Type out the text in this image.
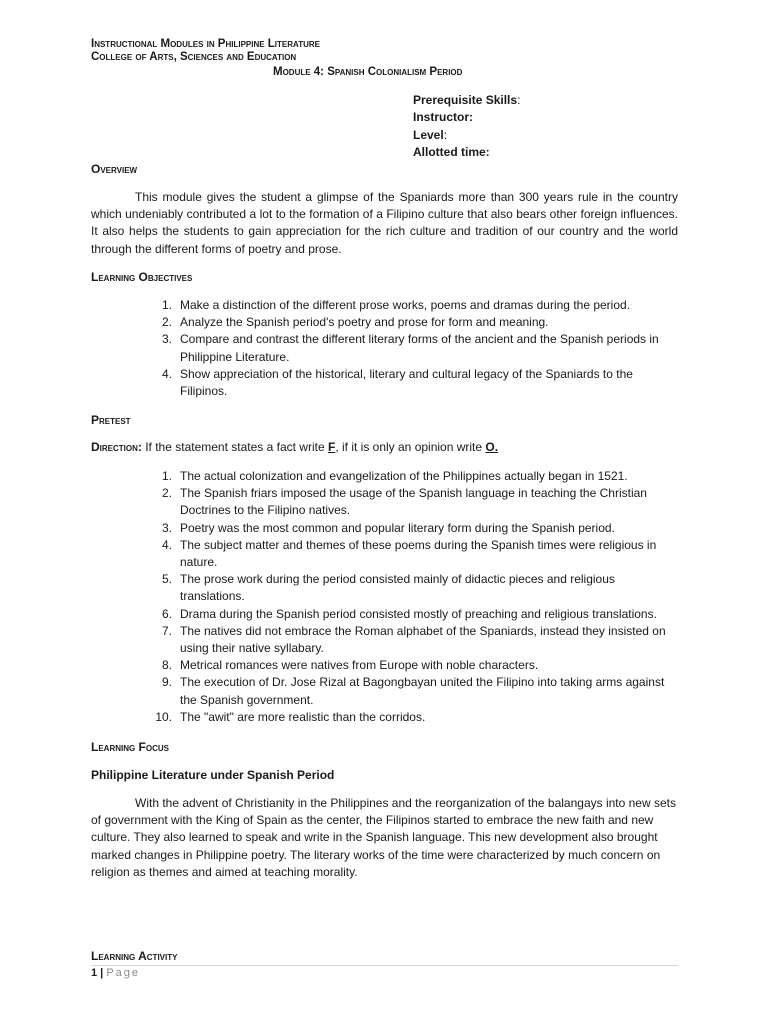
Instructional Modules in Philippine Literature
College of Arts, Sciences and Education
Module 4: Spanish Colonialism Period
Prerequisite Skills:
Instructor:
Level:
Allotted time:
Overview

This module gives the student a glimpse of the Spaniards more than 300 years rule in the country which undeniably contributed a lot to the formation of a Filipino culture that also bears other foreign influences. It also helps the students to gain appreciation for the rich culture and tradition of our country and the world through the different forms of poetry and prose.

Learning Objectives
1. Make a distinction of the different prose works, poems and dramas during the period.
2. Analyze the Spanish period's poetry and prose for form and meaning.
3. Compare and contrast the different literary forms of the ancient and the Spanish periods in Philippine Literature.
4. Show appreciation of the historical, literary and cultural legacy of the Spaniards to the Filipinos.
Pretest
Direction: If the statement states a fact write F, if it is only an opinion write O.
1. The actual colonization and evangelization of the Philippines actually began in 1521.
2. The Spanish friars imposed the usage of the Spanish language in teaching the Christian Doctrines to the Filipino natives.
3. Poetry was the most common and popular literary form during the Spanish period.
4. The subject matter and themes of these poems during the Spanish times were religious in nature.
5. The prose work during the period consisted mainly of didactic pieces and religious translations.
6. Drama during the Spanish period consisted mostly of preaching and religious translations.
7. The natives did not embrace the Roman alphabet of the Spaniards, instead they insisted on using their native syllabary.
8. Metrical romances were natives from Europe with noble characters.
9. The execution of Dr. Jose Rizal at Bagongbayan united the Filipino into taking arms against the Spanish government.
10. The "awit" are more realistic than the corridos.
Learning Focus
Philippine Literature under Spanish Period

With the advent of Christianity in the Philippines and the reorganization of the balangays into new sets of government with the King of Spain as the center, the Filipinos started to embrace the new faith and new culture. They also learned to speak and write in the Spanish language. This new development also brought marked changes in Philippine poetry. The literary works of the time were characterized by much concern on religion as themes and aimed at teaching morality.

Learning Activity
1 | Page
